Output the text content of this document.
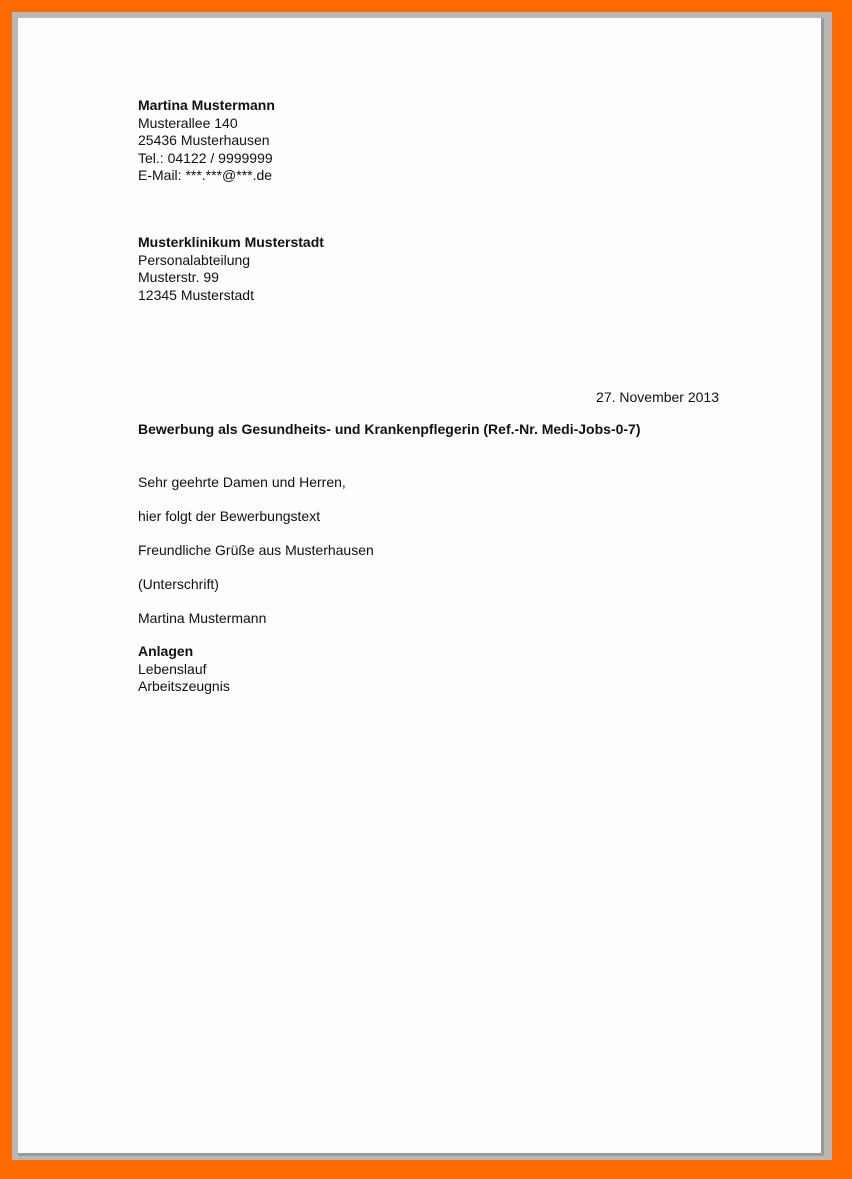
Martina Mustermann
Musterallee 140
25436 Musterhausen
Tel.: 04122 / 9999999
E-Mail: ***.***@***.de
Musterklinikum Musterstadt
Personalabteilung
Musterstr. 99
12345 Musterstadt
27. November 2013
Bewerbung als Gesundheits- und Krankenpflegerin (Ref.-Nr. Medi-Jobs-0-7)
Sehr geehrte Damen und Herren,
hier folgt der Bewerbungstext
Freundliche Grüße aus Musterhausen
(Unterschrift)
Martina Mustermann
Anlagen
Lebenslauf
Arbeitszeugnis
